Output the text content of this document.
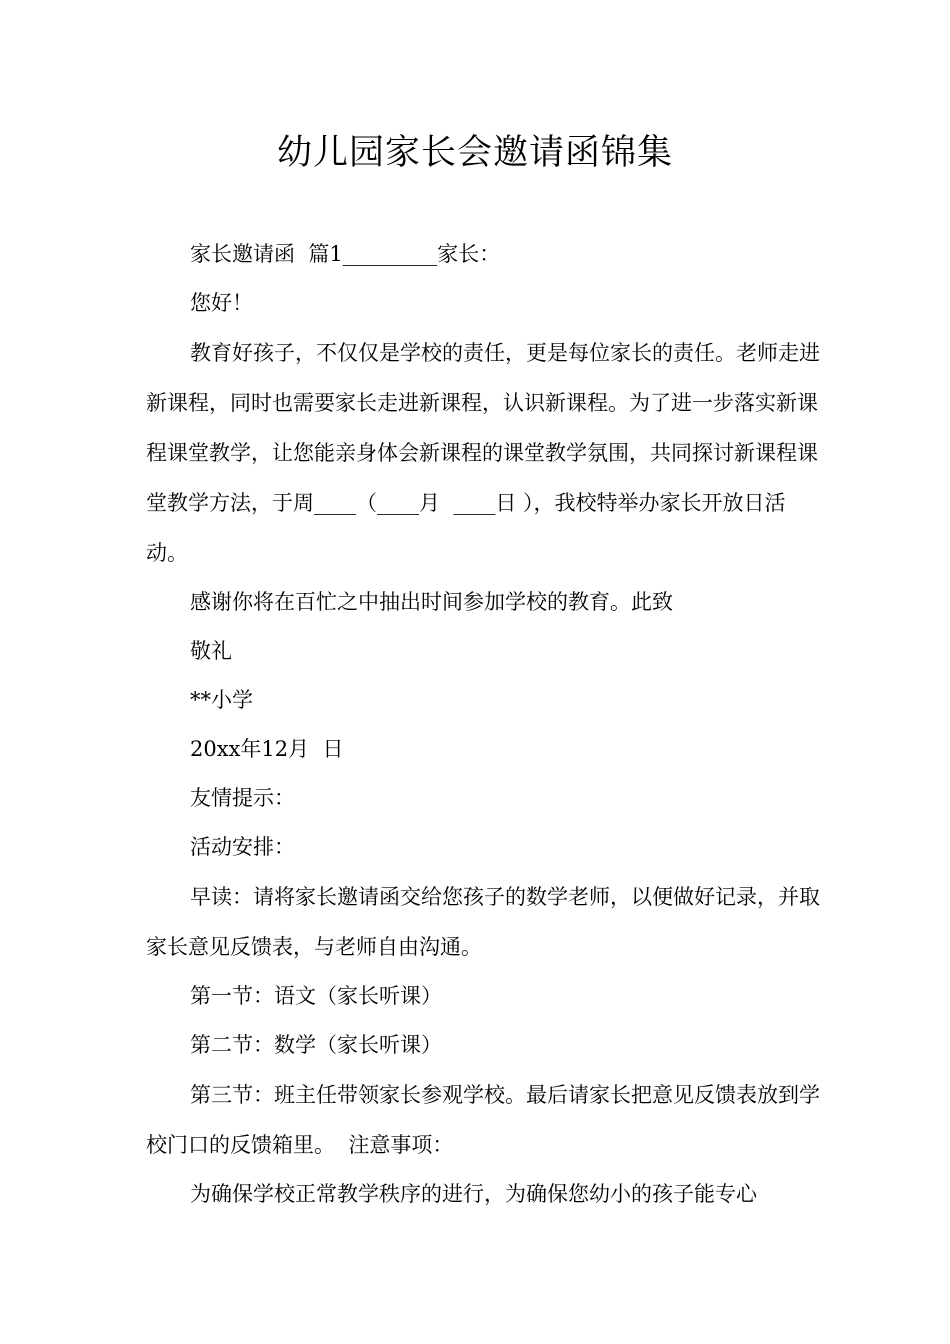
幼儿园家长会邀请函锦集

家长邀请函  篇1_________家长：

您好！

教育好孩子，不仅仅是学校的责任，更是每位家长的责任。老师走进新课程，同时也需要家长走进新课程，认识新课程。为了进一步落实新课程课堂教学，让您能亲身体会新课程的课堂教学氛围，共同探讨新课程课堂教学方法，于周____（____月  ____日 ），我校特举办家长开放日活动。

感谢你将在百忙之中抽出时间参加学校的教育。此致

敬礼

**小学

20xx年12月  日

友情提示：

活动安排：

早读：请将家长邀请函交给您孩子的数学老师，以便做好记录，并取家长意见反馈表，与老师自由沟通。

第一节：语文（家长听课）

第二节：数学（家长听课）

第三节：班主任带领家长参观学校。最后请家长把意见反馈表放到学校门口的反馈箱里。  注意事项：

为确保学校正常教学秩序的进行，为确保您幼小的孩子能专心
